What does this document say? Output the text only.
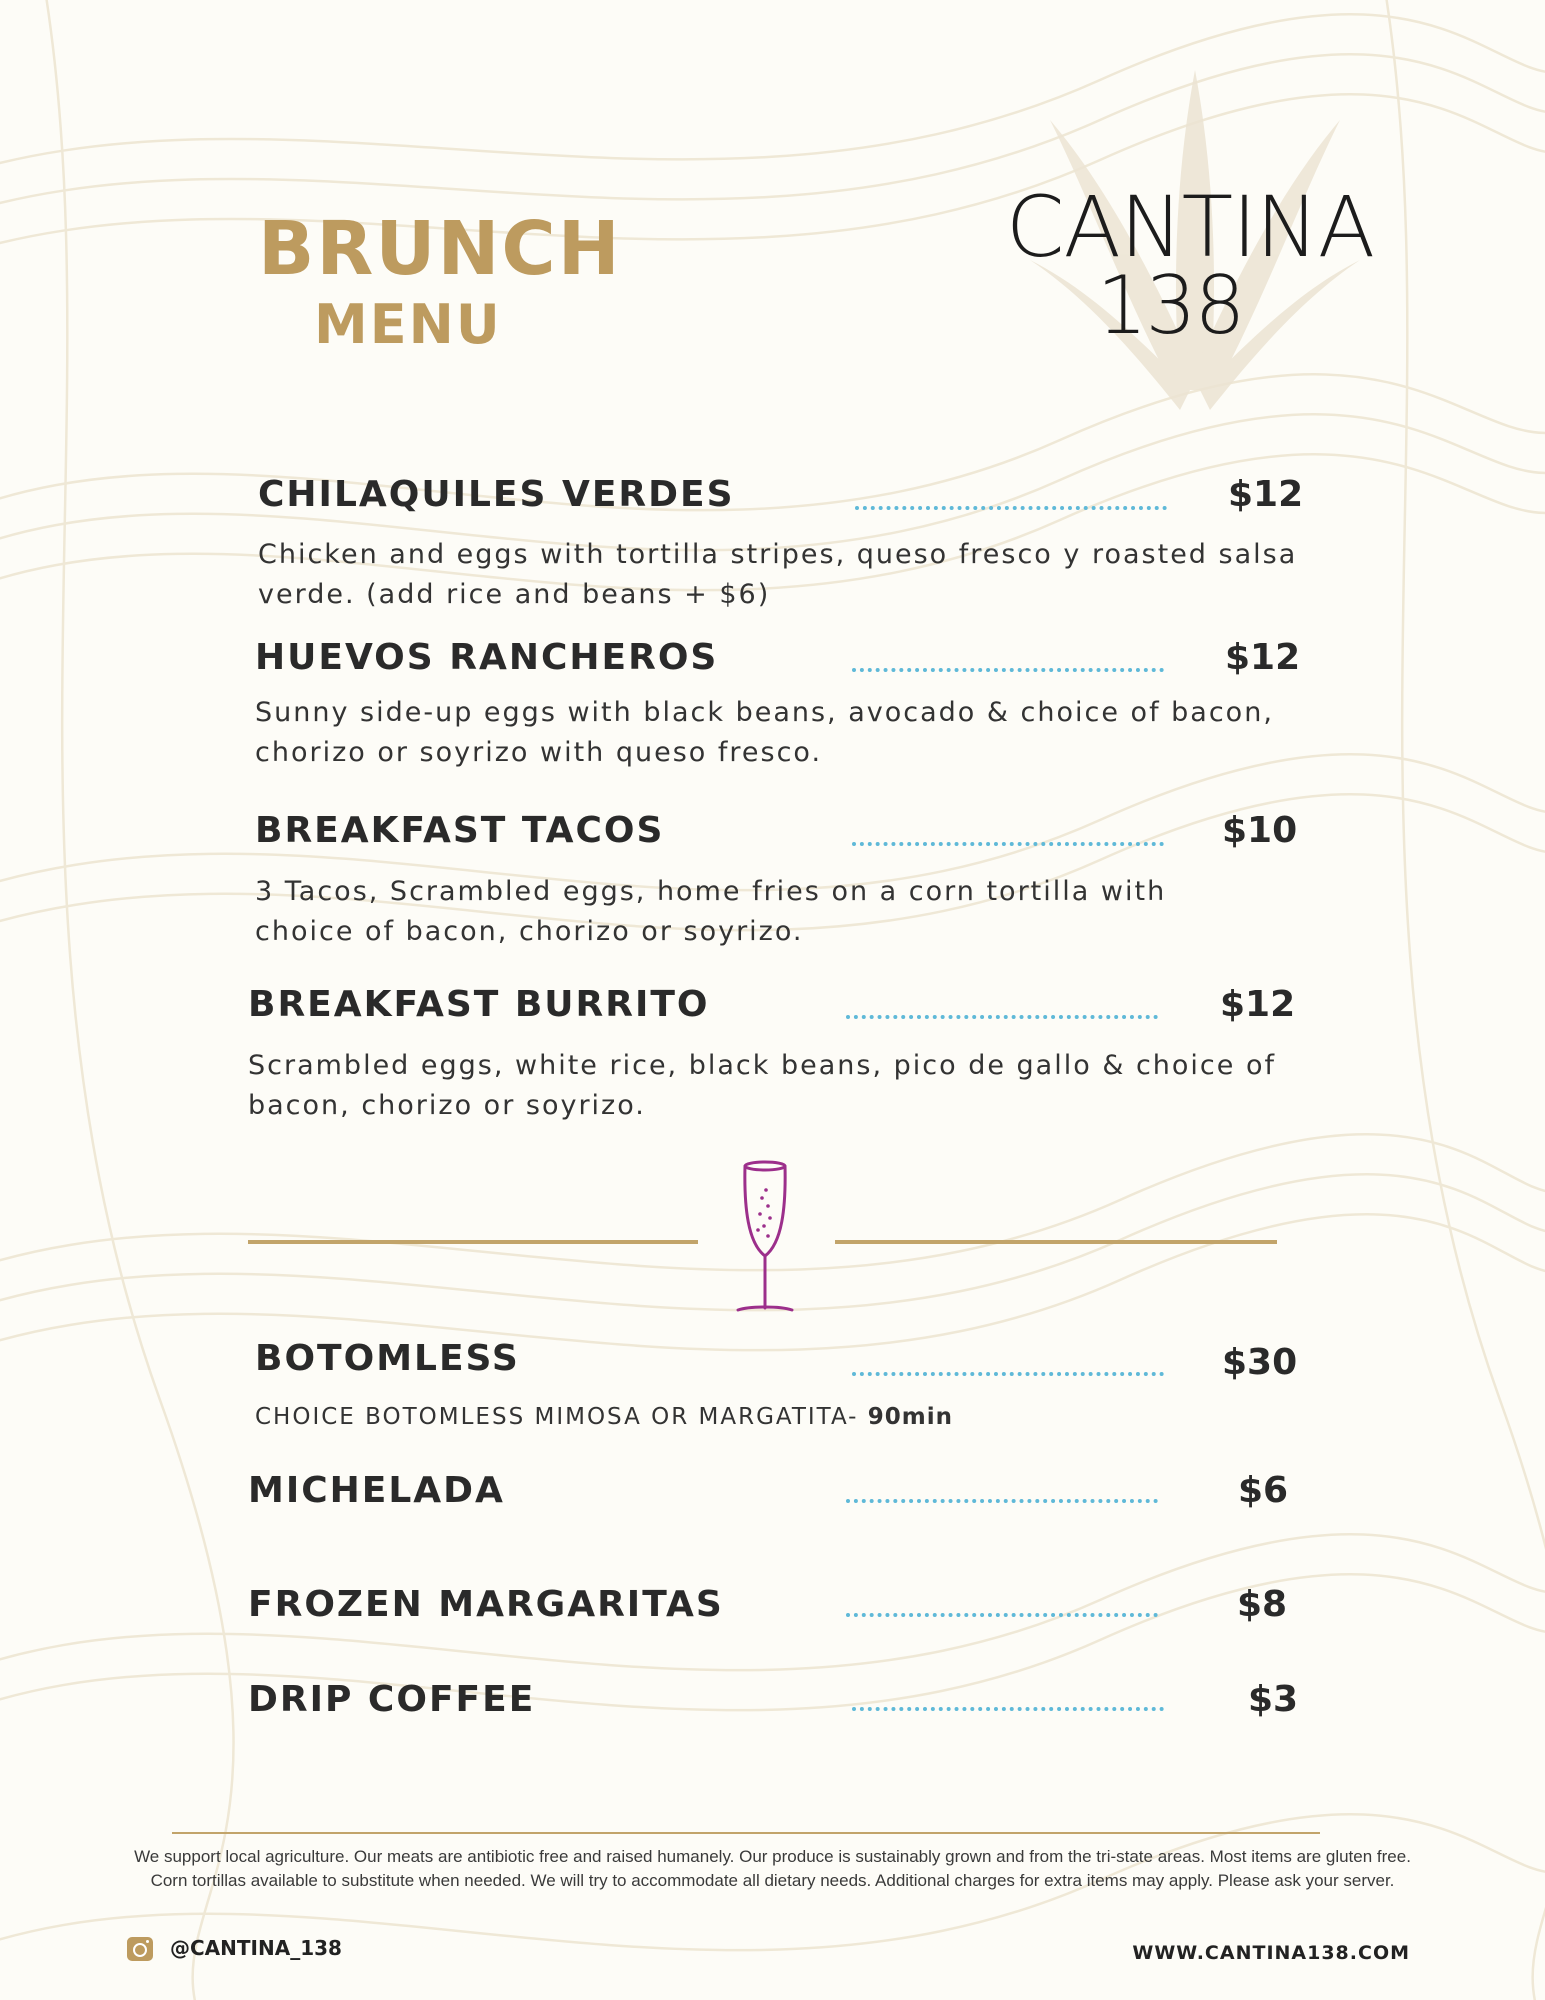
BRUNCH
MENU
CANTINA
138

CHILAQUILES VERDES	$12

Chicken and eggs with tortilla stripes, queso fresco y roasted salsa verde. (add rice and beans + $6)

HUEVOS RANCHEROS	$12

Sunny side-up eggs with black beans, avocado & choice of bacon, chorizo or soyrizo with queso fresco.

BREAKFAST TACOS	$10

3 Tacos, Scrambled eggs, home fries on a corn tortilla with choice of bacon, chorizo or soyrizo.

BREAKFAST BURRITO	$12

Scrambled eggs, white rice, black beans, pico de gallo & choice of bacon, chorizo or soyrizo.

BOTOMLESS	$30

CHOICE BOTOMLESS MIMOSA OR MARGATITA- 90min

MICHELADA	$6

FROZEN MARGARITAS	$8

DRIP COFFEE	$3

We support local agriculture. Our meats are antibiotic free and raised humanely. Our produce is sustainably grown and from the tri-state areas. Most items are gluten free. Corn tortillas available to substitute when needed. We will try to accommodate all dietary needs. Additional charges for extra items may apply. Please ask your server.

@CANTINA_138	WWW.CANTINA138.COM
